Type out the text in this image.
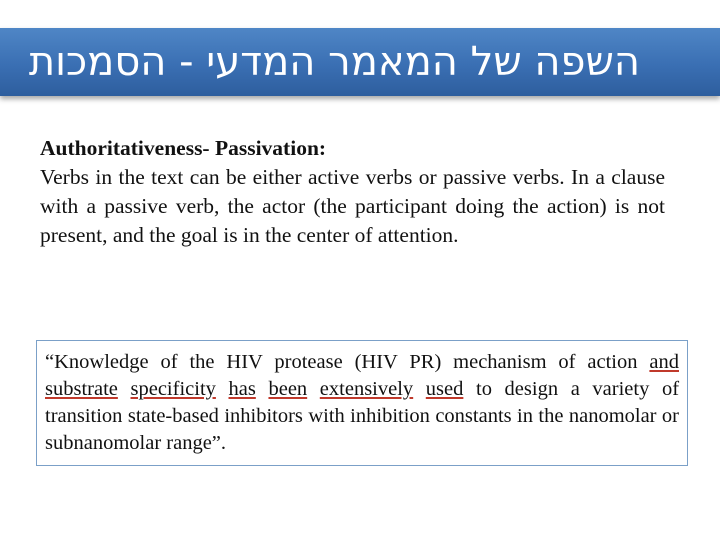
השפה של המאמר המדעי - הסמכות
Authoritativeness- Passivation:
Verbs in the text can be either active verbs or passive verbs. In a clause with a passive verb, the actor (the participant doing the action) is not present, and the goal is in the center of attention.
“Knowledge of the HIV protease (HIV PR) mechanism of action and substrate specificity has been extensively used to design a variety of transition state-based inhibitors with inhibition constants in the nanomolar or subnanomolar range”.
